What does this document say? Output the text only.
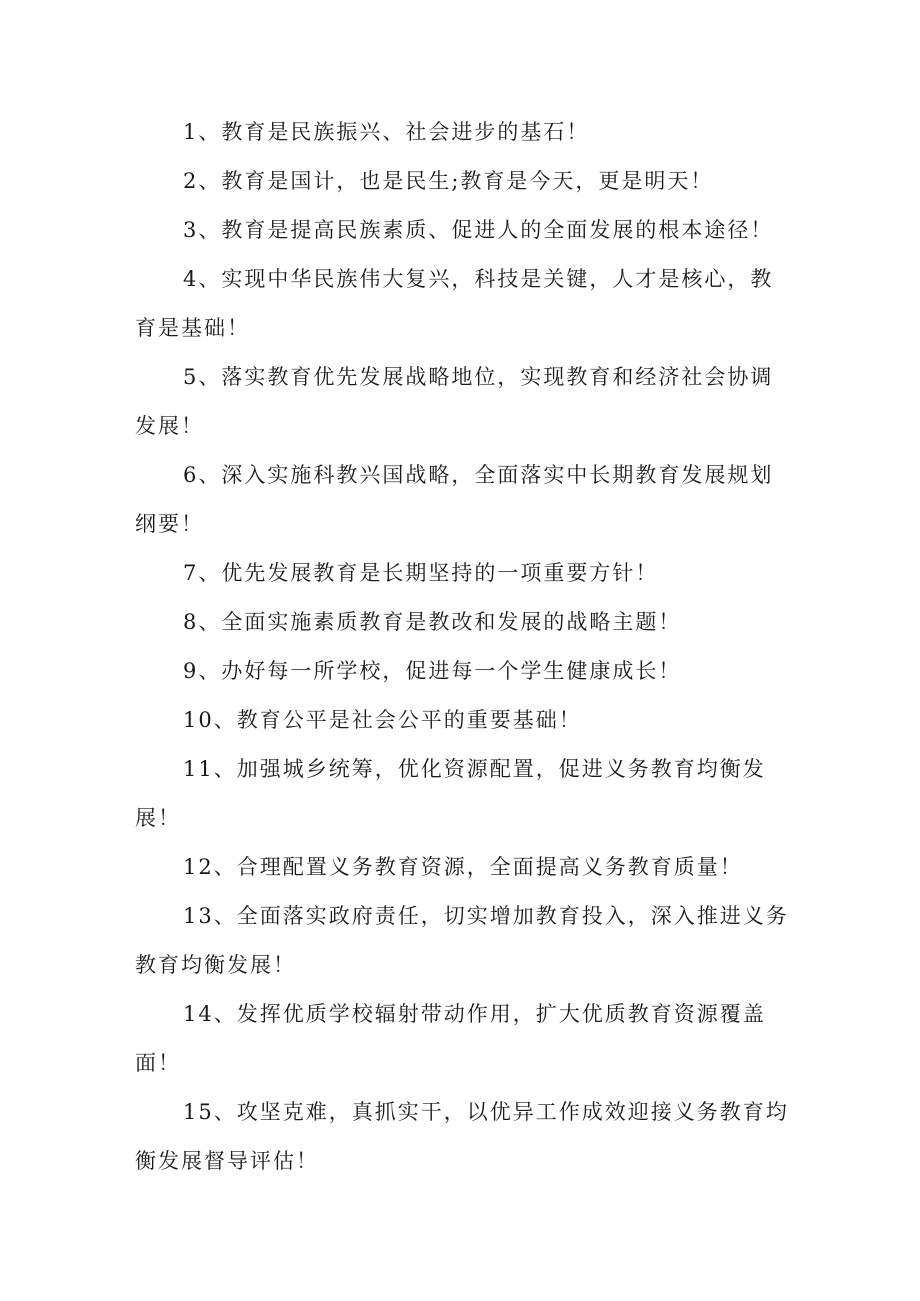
1、教育是民族振兴、社会进步的基石！

2、教育是国计，也是民生;教育是今天，更是明天！

3、教育是提高民族素质、促进人的全面发展的根本途径！

4、实现中华民族伟大复兴，科技是关键，人才是核心，教育是基础！

5、落实教育优先发展战略地位，实现教育和经济社会协调发展！

6、深入实施科教兴国战略，全面落实中长期教育发展规划纲要！

7、优先发展教育是长期坚持的一项重要方针！

8、全面实施素质教育是教改和发展的战略主题！

9、办好每一所学校，促进每一个学生健康成长！

10、教育公平是社会公平的重要基础！

11、加强城乡统筹，优化资源配置，促进义务教育均衡发展！

12、合理配置义务教育资源，全面提高义务教育质量！

13、全面落实政府责任，切实增加教育投入，深入推进义务教育均衡发展！

14、发挥优质学校辐射带动作用，扩大优质教育资源覆盖面！

15、攻坚克难，真抓实干，以优异工作成效迎接义务教育均衡发展督导评估！
